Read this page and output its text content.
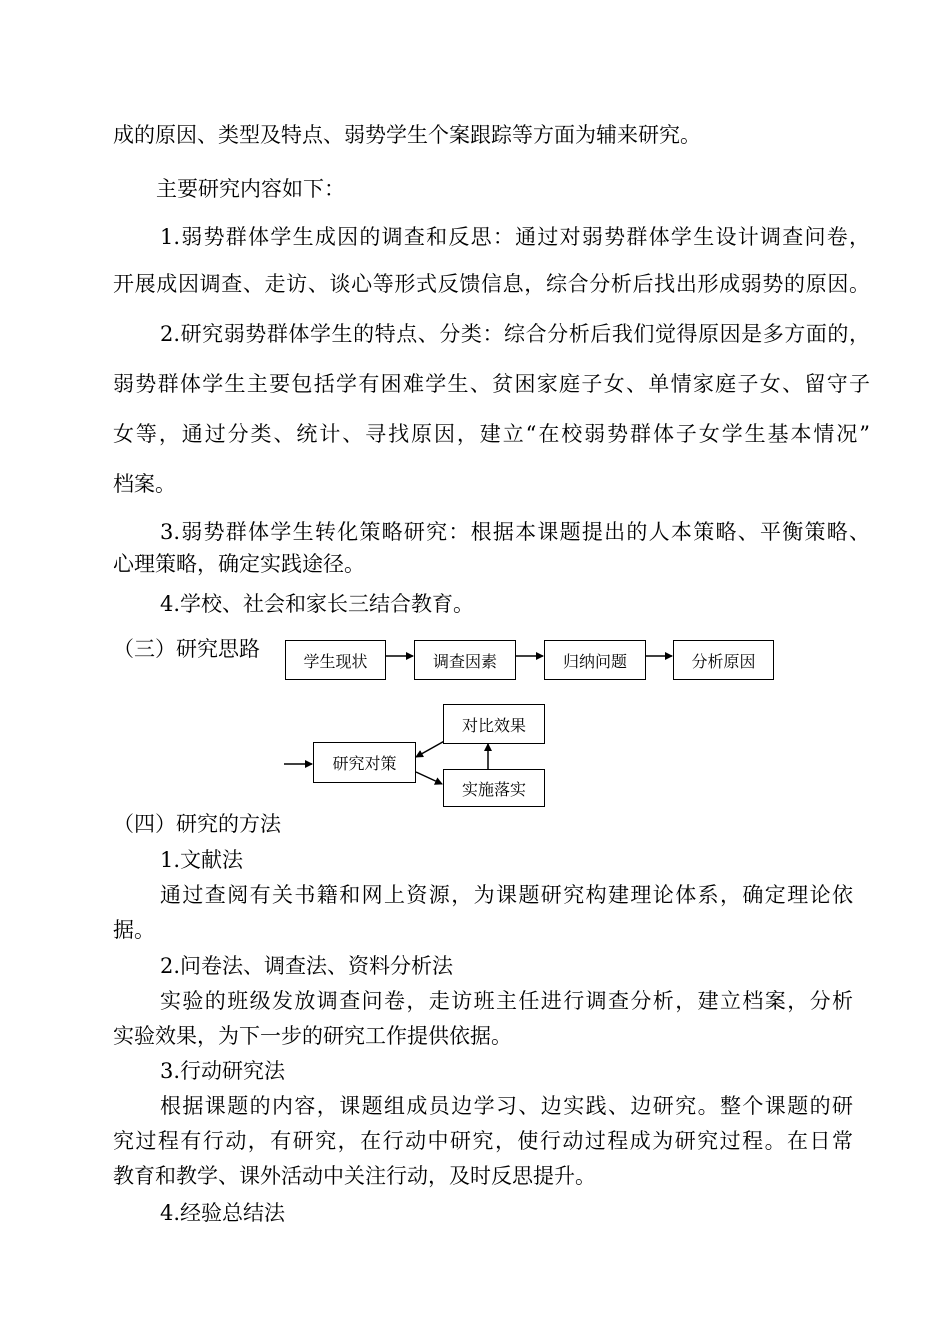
成的原因、类型及特点、弱势学生个案跟踪等方面为辅来研究。

主要研究内容如下：

1.弱势群体学生成因的调查和反思：通过对弱势群体学生设计调查问卷，

开展成因调查、走访、谈心等形式反馈信息，综合分析后找出形成弱势的原因。

2.研究弱势群体学生的特点、分类：综合分析后我们觉得原因是多方面的，

弱势群体学生主要包括学有困难学生、贫困家庭子女、单情家庭子女、留守子

女等，通过分类、统计、寻找原因，建立“在校弱势群体子女学生基本情况”

档案。

3.弱势群体学生转化策略研究：根据本课题提出的人本策略、平衡策略、

心理策略，确定实践途径。

4.学校、社会和家长三结合教育。

（三）研究思路	学生现状	调查因素	归纳问题	分析原因
研究对策
对比效果
实施落实

（四）研究的方法

1.文献法

通过查阅有关书籍和网上资源，为课题研究构建理论体系，确定理论依

据。

2.问卷法、调查法、资料分析法

实验的班级发放调查问卷，走访班主任进行调查分析，建立档案，分析

实验效果，为下一步的研究工作提供依据。

3.行动研究法

根据课题的内容，课题组成员边学习、边实践、边研究。整个课题的研

究过程有行动，有研究，在行动中研究，使行动过程成为研究过程。在日常

教育和教学、课外活动中关注行动，及时反思提升。

4.经验总结法
